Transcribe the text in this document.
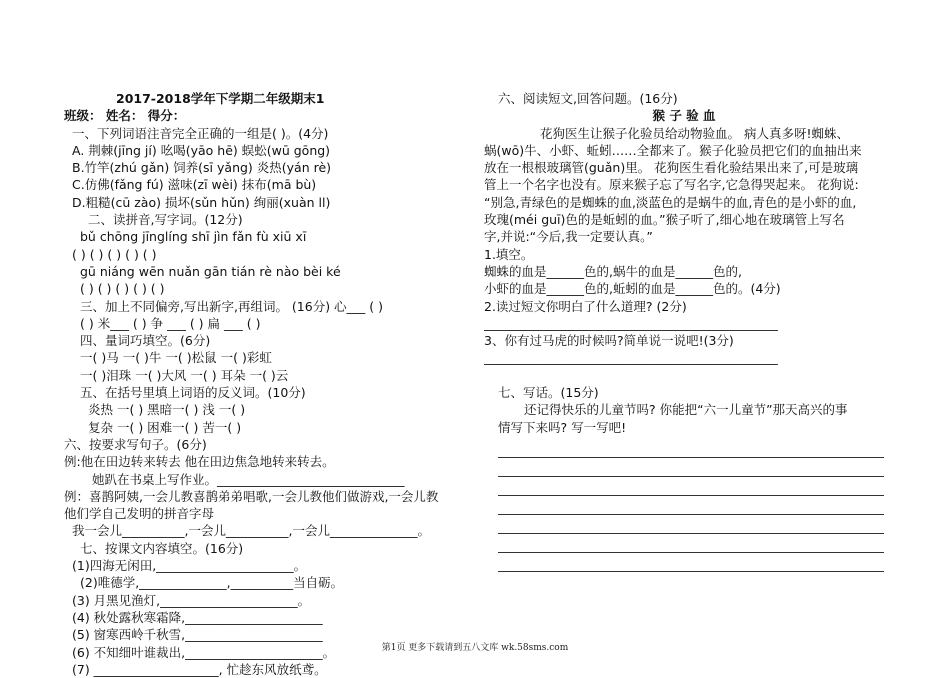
2017-2018学年下学期二年级期末1
班级： 姓名： 得分：
一、下列词语注音完全正确的一组是( )。(4分)
A. 荆棘(jīng jí) 吆喝(yāo hē) 蜈蚣(wū gōng)
B.竹竿(zhú gǎn) 饲养(sī yǎng) 炎热(yán rè)
C.仿佛(fǎng fú) 滋味(zī wèi) 抹布(mā bù)
D.粗糙(cū zào) 损坏(sǔn hǔn) 绚丽(xuàn ll)
二、读拼音,写字词。(12分)
bǔ chōng jīnglíng shī jìn fǎn fù xiū xī
( ) ( ) ( ) ( ) ( )
gū niáng wēn nuǎn gān tián rè nào bèi ké
( ) ( ) ( ) ( ) ( )
三、加上不同偏旁,写出新字,再组词。 (16分) 心___ ( )
( ) 米___ ( ) 争 ___ ( ) 扁 ___ ( )
四、量词巧填空。(6分)
一( )马 一( )牛 一( )松鼠 一( )彩虹
一( )泪珠 一( )大风 一( ) 耳朵 一( )云
五、在括号里填上词语的反义词。(10分)
炎热 一( ) 黑暗一( ) 浅 一( )
复杂 一( ) 困难一( ) 苦一( )
六、按要求写句子。(6分)
例:他在田边转来转去 他在田边焦急地转来转去。
她趴在书桌上写作业。______________________________
例：喜鹊阿姨,一会儿教喜鹊弟弟唱歌,一会儿教他们做游戏,一会儿教
他们学自己发明的拼音字母
我一会儿__________,一会儿__________,一会儿______________。
七、按课文内容填空。(16分)
(1)四海无闲田,______________________。
(2)唯德学,______________,__________当自砺。
(3) 月黑见渔灯,______________________。
(4) 秋处露秋寒霜降,______________________
(5) 窗寒西岭千秋雪,______________________
(6) 不知细叶谁裁出,______________________。
(7) ____________________, 忙趁东风放纸鸢。
六、阅读短文,回答问题。(16分)
猴 子 验 血
花狗医生让猴子化验员给动物验血。 病人真多呀!蜘蛛、
蜗(wō)牛、小虾、蚯蚓……全都来了。猴子化验员把它们的血抽出来
放在一根根玻璃管(guǎn)里。 花狗医生看化验结果出来了,可是玻璃
管上一个名字也没有。原来猴子忘了写名字,它急得哭起来。 花狗说:
“别急,青绿色的是蜘蛛的血,淡蓝色的是蜗牛的血,青色的是小虾的血,
玫瑰(méi guī)色的是蚯蚓的血。”猴子听了,细心地在玻璃管上写名
字,并说:“今后,我一定要认真。”
1.填空。
蜘蛛的血是______色的,蜗牛的血是______色的,
小虾的血是______色的,蚯蚓的血是______色的。(4分)
2.读过短文你明白了什么道理? (2分)
_______________________________________________
3、你有过马虎的时候吗?简单说一说吧!(3分)
_______________________________________________
七、写话。(15分)
还记得快乐的儿童节吗? 你能把“六一儿童节”那天高兴的事
情写下来吗? 写一写吧!
第1页 更多下载请到五八文库 wk.58sms.com
